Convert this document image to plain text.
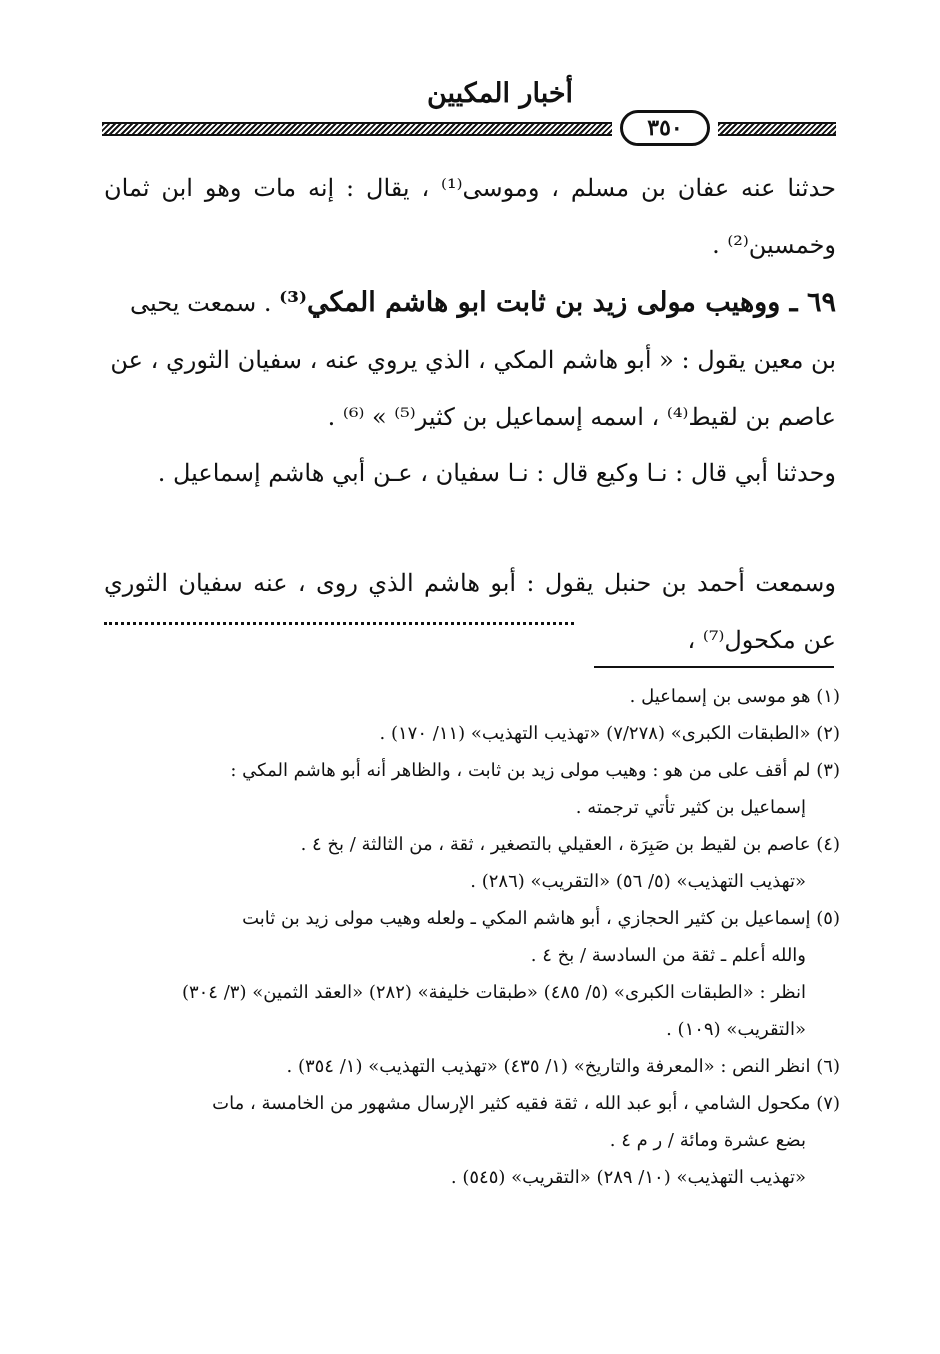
أخبار المكيين
٣٥٠
حدثنا عنه عفان بن مسلم ، وموسى⁽¹⁾ ، يقال : إنه مات وهو ابن ثمان وخمسين⁽²⁾ .
٦٩ ـ ووهيب مولى زيد بن ثابت ابو هاشم المكي⁽³⁾ . سمعت يحيى بن معين يقول : « أبو هاشم المكي ، الذي يروي عنه ، سفيان الثوري ، عن عاصم بن لقيط⁽⁴⁾ ، اسمه إسماعيل بن كثير⁽⁵⁾ » ⁽⁶⁾ .
وحدثنا أبي قال : نـا وكيع قال : نـا سفيان ، عـن أبي هاشم إسماعيل .
وسمعت أحمد بن حنبل يقول : أبو هاشم الذي روى ، عنه سفيان الثوري عن مكحول⁽⁷⁾ ،

(١) هو موسى بن إسماعيل .

(٢) «الطبقات الكبرى» (٧/٢٧٨) «تهذيب التهذيب» (١١/ ١٧٠) .

(٣) لم أقف على من هو : وهيب مولى زيد بن ثابت ، والظاهر أنه أبو هاشم المكي :

إسماعيل بن كثير تأتي ترجمته .

(٤) عاصم بن لقيط بن صَبِرَة ، العقيلي بالتصغير ، ثقة ، من الثالثة / بخ ٤ .

«تهذيب التهذيب» (٥/ ٥٦) «التقريب» (٢٨٦) .

(٥) إسماعيل بن كثير الحجازي ، أبو هاشم المكي ـ ولعله وهيب مولى زيد بن ثابت

والله أعلم ـ ثقة من السادسة / بخ ٤ .

انظر : «الطبقات الكبرى» (٥/ ٤٨٥) «طبقات خليفة» (٢٨٢) «العقد الثمين» (٣/ ٣٠٤)

«التقريب» (١٠٩) .

(٦) انظر النص : «المعرفة والتاريخ» (١/ ٤٣٥) «تهذيب التهذيب» (١/ ٣٥٤) .

(٧) مكحول الشامي ، أبو عبد الله ، ثقة فقيه كثير الإرسال مشهور من الخامسة ، مات

بضع عشرة ومائة / ر م ٤ .

«تهذيب التهذيب» (١٠/ ٢٨٩) «التقريب» (٥٤٥) .
